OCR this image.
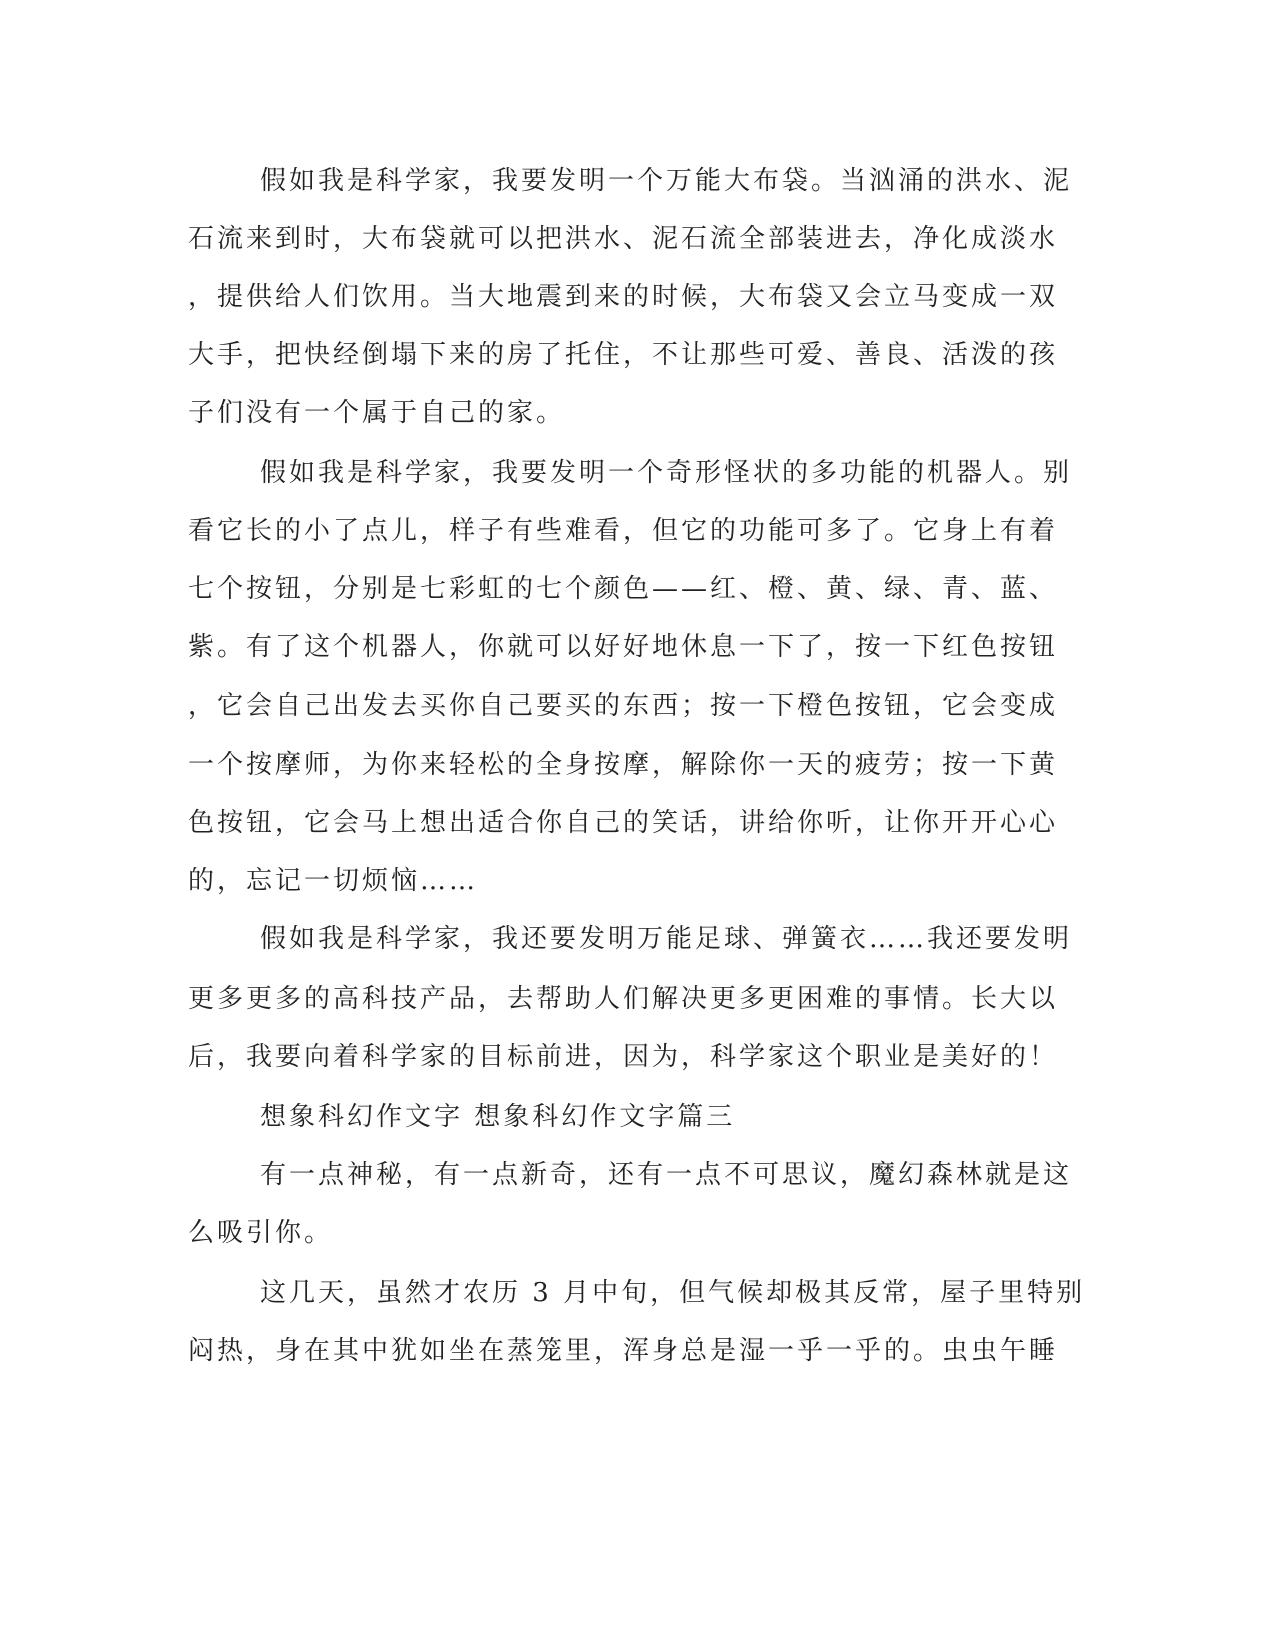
假如我是科学家，我要发明一个万能大布袋。当汹涌的洪水、泥

石流来到时，大布袋就可以把洪水、泥石流全部装进去，净化成淡水

，提供给人们饮用。当大地震到来的时候，大布袋又会立马变成一双

大手，把快经倒塌下来的房了托住，不让那些可爱、善良、活泼的孩

子们没有一个属于自己的家。

假如我是科学家，我要发明一个奇形怪状的多功能的机器人。别

看它长的小了点儿，样子有些难看，但它的功能可多了。它身上有着

七个按钮，分别是七彩虹的七个颜色——红、橙、黄、绿、青、蓝、

紫。有了这个机器人，你就可以好好地休息一下了，按一下红色按钮

，它会自己出发去买你自己要买的东西；按一下橙色按钮，它会变成

一个按摩师，为你来轻松的全身按摩，解除你一天的疲劳；按一下黄

色按钮，它会马上想出适合你自己的笑话，讲给你听，让你开开心心

的，忘记一切烦恼……

假如我是科学家，我还要发明万能足球、弹簧衣……我还要发明

更多更多的高科技产品，去帮助人们解决更多更困难的事情。长大以

后，我要向着科学家的目标前进，因为，科学家这个职业是美好的！

想象科幻作文字 想象科幻作文字篇三

有一点神秘，有一点新奇，还有一点不可思议，魔幻森林就是这

么吸引你。

这几天，虽然才农历 3 月中旬，但气候却极其反常，屋子里特别

闷热，身在其中犹如坐在蒸笼里，浑身总是湿一乎一乎的。虫虫午睡
